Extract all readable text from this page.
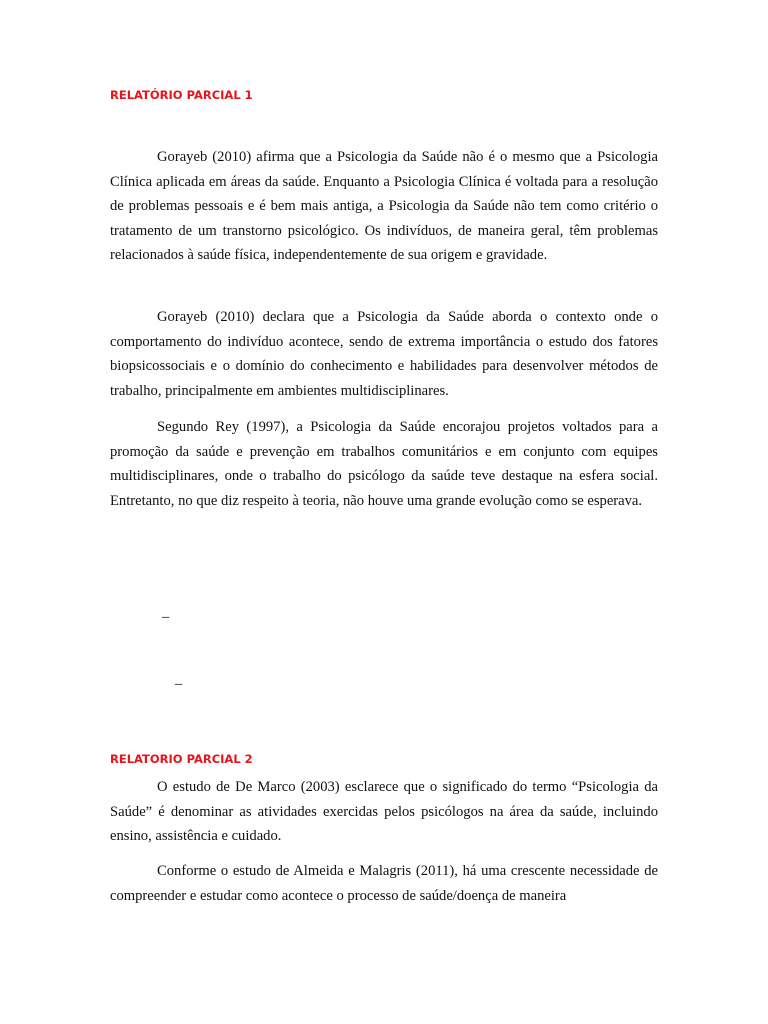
RELATÓRIO PARCIAL 1

Gorayeb (2010) afirma que a Psicologia da Saúde não é o mesmo que a Psicologia Clínica aplicada em áreas da saúde. Enquanto a Psicologia Clínica é voltada para a resolução de problemas pessoais e é bem mais antiga, a Psicologia da Saúde não tem como critério o tratamento de um transtorno psicológico. Os indivíduos, de maneira geral, têm problemas relacionados à saúde física, independentemente de sua origem e gravidade.

Gorayeb (2010) declara que a Psicologia da Saúde aborda o contexto onde o comportamento do indivíduo acontece, sendo de extrema importância o estudo dos fatores biopsicossociais e o domínio do conhecimento e habilidades para desenvolver métodos de trabalho, principalmente em ambientes multidisciplinares.

Segundo Rey (1997), a Psicologia da Saúde encorajou projetos voltados para a promoção da saúde e prevenção em trabalhos comunitários e em conjunto com equipes multidisciplinares, onde o trabalho do psicólogo da saúde teve destaque na esfera social. Entretanto, no que diz respeito à teoria, não houve uma grande evolução como se esperava.

_
_
RELATORIO PARCIAL 2

O estudo de De Marco (2003) esclarece que o significado do termo “Psicologia da Saúde” é denominar as atividades exercidas pelos psicólogos na área da saúde, incluindo ensino, assistência e cuidado.

Conforme o estudo de Almeida e Malagris (2011), há uma crescente necessidade de compreender e estudar como acontece o processo de saúde/doença de maneira
